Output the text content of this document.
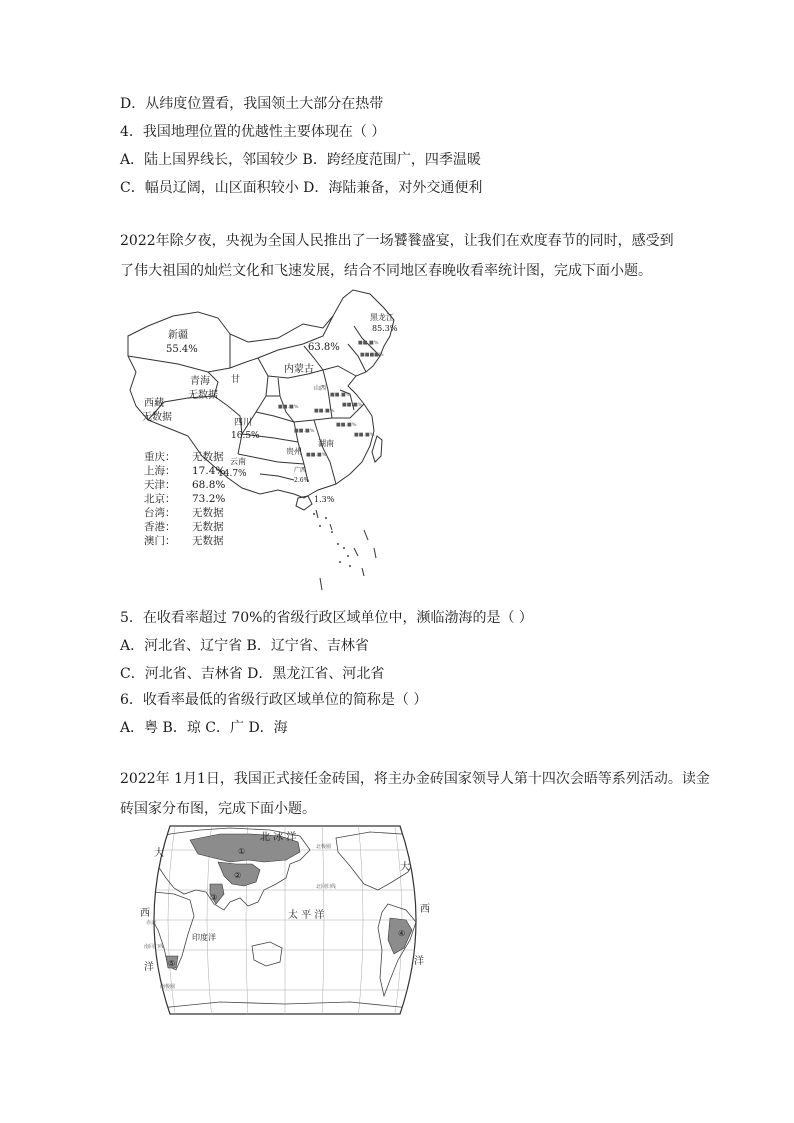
D．从纬度位置看，我国领土大部分在热带
4．我国地理位置的优越性主要体现在（ ）
A．陆上国界线长，邻国较少 B．跨经度范围广，四季温暖
C．幅员辽阔，山区面积较小 D．海陆兼备，对外交通便利
2022年除夕夜，央视为全国人民推出了一场饕餮盛宴，让我们在欢度春节的同时，感受到了伟大祖国的灿烂文化和飞速发展，结合不同地区春晚收看率统计图，完成下面小题。
新疆
55.4%
西藏
无数据
青海
无数据
甘
内蒙古
63.8%
黑龙江
85.3%
四川
16.5%
云南
14.7%
贵州
湖南
广西
2.6%
1.3%
山西
■■.■%
■■■■%
■■.■%
■■.■%
■■.■%
■■.■%
■■.■%
■■.■%
■■.■%
■■.■%
重庆： 无数据
上海： 17.4%
天津： 68.8%
北京： 73.2%
台湾： 无数据
香港： 无数据
澳门： 无数据
5．在收看率超过 70%的省级行政区域单位中，濒临渤海的是（ ）
A．河北省、辽宁省 B．辽宁省、吉林省
C．河北省、吉林省 D．黑龙江省、河北省
6．收看率最低的省级行政区域单位的简称是（ ）
A．粤 B．琼 C．广 D．海
2022年 1月1日，我国正式接任金砖国，将主办金砖国家领导人第十四次会晤等系列活动。读金砖国家分布图，完成下面小题。
北 冰 洋
太 平 洋
印度洋
大
西
洋
大
西
洋
①
②
③
④
⑤
北极圈
北回归线
赤道
南回归线
南极圈
